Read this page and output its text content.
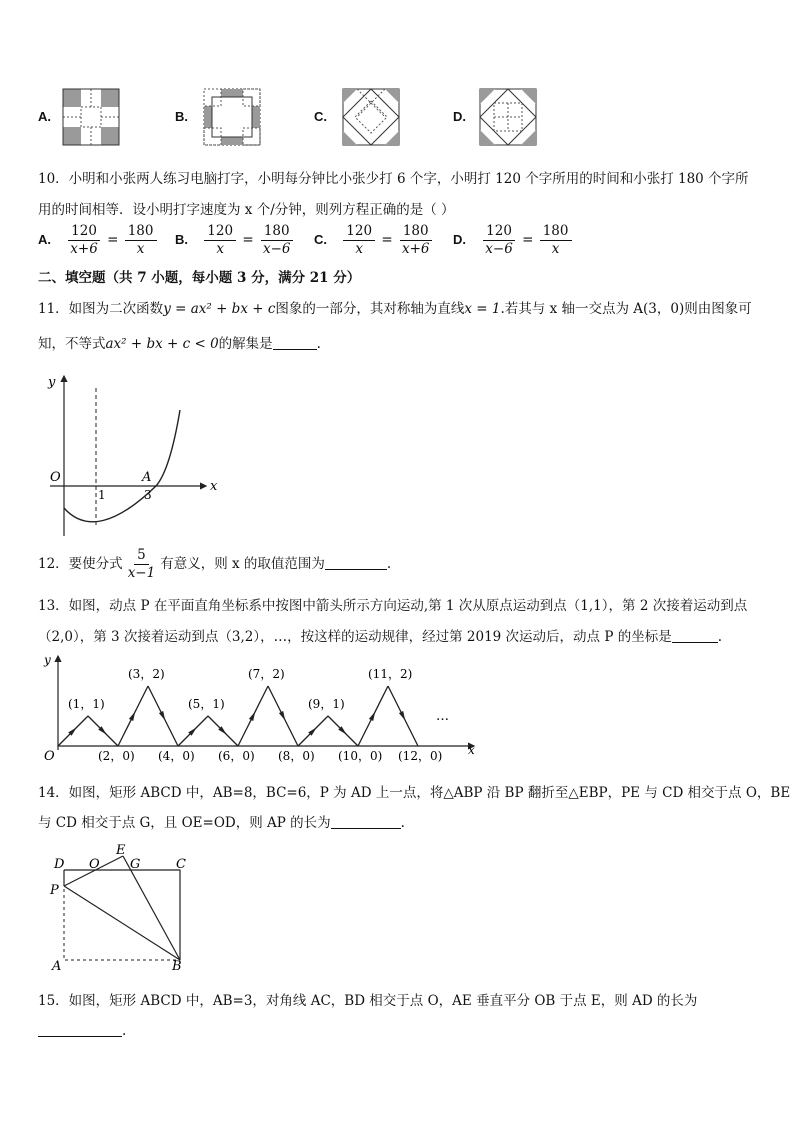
A.	B.	C.	D.
10．小明和小张两人练习电脑打字，小明每分钟比小张少打 6 个字，小明打 120 个字所用的时间和小张打 180 个字所
用的时间相等．设小明打字速度为 x 个/分钟，则列方程正确的是（ ）
A. $\frac{120}{x+6} = \frac{180}{x} B$. $\frac{120}{x} = \frac{180}{x-6} C$. $\frac{120}{x} = \frac{180}{x+6} D$. $\frac{120}{x-6} = \frac{180}{x}$
二、填空题（共 7 小题，每小题 3 分，满分 21 分）
11．如图为二次函数y = ax² + bx + c图象的一部分，其对称轴为直线x = 1.若其与 x 轴一交点为 A(3，0)则由图象可
知，不等式ax² + bx + c < 0的解集是	.
y
x
O
1
A
3
12．要使分式 $\frac{5}{x-1}$ 有意义，则 x 的取值范围为	.
13．如图，动点 P 在平面直角坐标系中按图中箭头所示方向运动,第 1 次从原点运动到点（1,1），第 2 次接着运动到点
（2,0），第 3 次接着运动到点（3,2），…，按这样的运动规律，经过第 2019 次运动后，动点 P 的坐标是	.
y
x
O
…
(1，1)
(3，2)
(5，1)
(7，2)
(9，1)
(11，2)
(2，0) (4，0) (6，0) (8，0) (10，0) (12，0)
14．如图，矩形 ABCD 中，AB=8，BC=6，P 为 AD 上一点，将△ABP 沿 BP 翻折至△EBP，PE 与 CD 相交于点 O，BE
与 CD 相交于点 G，且 OE=OD，则 AP 的长为	.
D O
E
G	C
P
A	B
15．如图，矩形 ABCD 中，AB=3，对角线 AC，BD 相交于点 O，AE 垂直平分 OB 于点 E，则 AD 的长为
.
